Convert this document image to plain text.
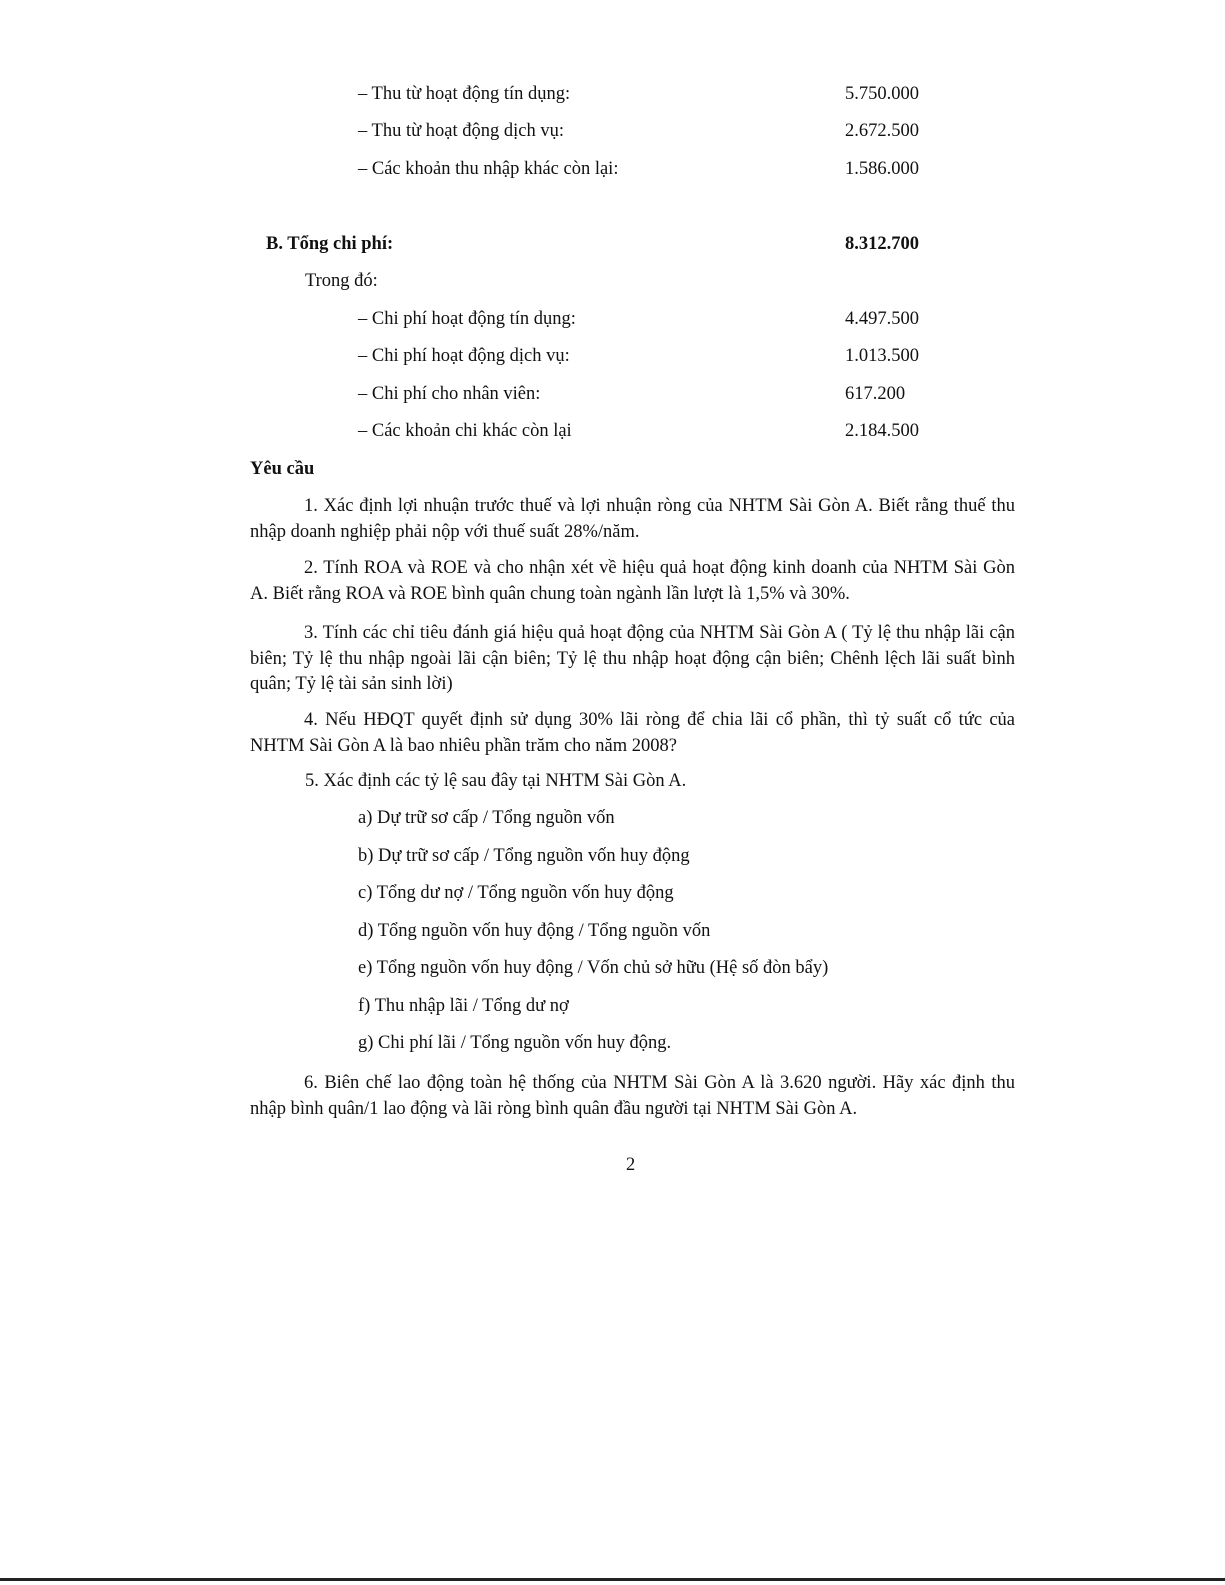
– Thu từ hoạt động tín dụng:	5.750.000
– Thu từ hoạt động dịch vụ:	2.672.500
– Các khoản thu nhập khác còn lại:	1.586.000
B. Tổng chi phí:	8.312.700
Trong đó:
– Chi phí hoạt động tín dụng:	4.497.500
– Chi phí hoạt động dịch vụ:	1.013.500
– Chi phí cho nhân viên:	617.200
– Các khoản chi khác còn lại	2.184.500
Yêu cầu
1. Xác định lợi nhuận trước thuế và lợi nhuận ròng của NHTM Sài Gòn A. Biết rằng thuế thu nhập doanh nghiệp phải nộp với thuế suất 28%/năm.
2. Tính ROA và ROE và cho nhận xét về hiệu quả hoạt động kinh doanh của NHTM Sài Gòn A. Biết rằng ROA và ROE bình quân chung toàn ngành lần lượt là 1,5% và 30%.
3. Tính các chỉ tiêu đánh giá hiệu quả hoạt động của NHTM Sài Gòn A ( Tỷ lệ thu nhập lãi cận biên; Tỷ lệ thu nhập ngoài lãi cận biên; Tỷ lệ thu nhập hoạt động cận biên; Chênh lệch lãi suất bình quân; Tỷ lệ tài sản sinh lời)
4. Nếu HĐQT quyết định sử dụng 30% lãi ròng để chia lãi cổ phần, thì tỷ suất cổ tức của NHTM Sài Gòn A là bao nhiêu phần trăm cho năm 2008?
5. Xác định các tỷ lệ sau đây tại NHTM Sài Gòn A.
a) Dự trữ sơ cấp / Tổng nguồn vốn
b) Dự trữ sơ cấp / Tổng nguồn vốn huy động
c) Tổng dư nợ / Tổng nguồn vốn huy động
d) Tổng nguồn vốn huy động / Tổng nguồn vốn
e) Tổng nguồn vốn huy động / Vốn chủ sở hữu (Hệ số đòn bẩy)
f) Thu nhập lãi / Tổng dư nợ
g) Chi phí lãi / Tổng nguồn vốn huy động.
6. Biên chế lao động toàn hệ thống của NHTM Sài Gòn A là 3.620 người. Hãy xác định thu nhập bình quân/1 lao động và lãi ròng bình quân đầu người tại NHTM Sài Gòn A.
2
